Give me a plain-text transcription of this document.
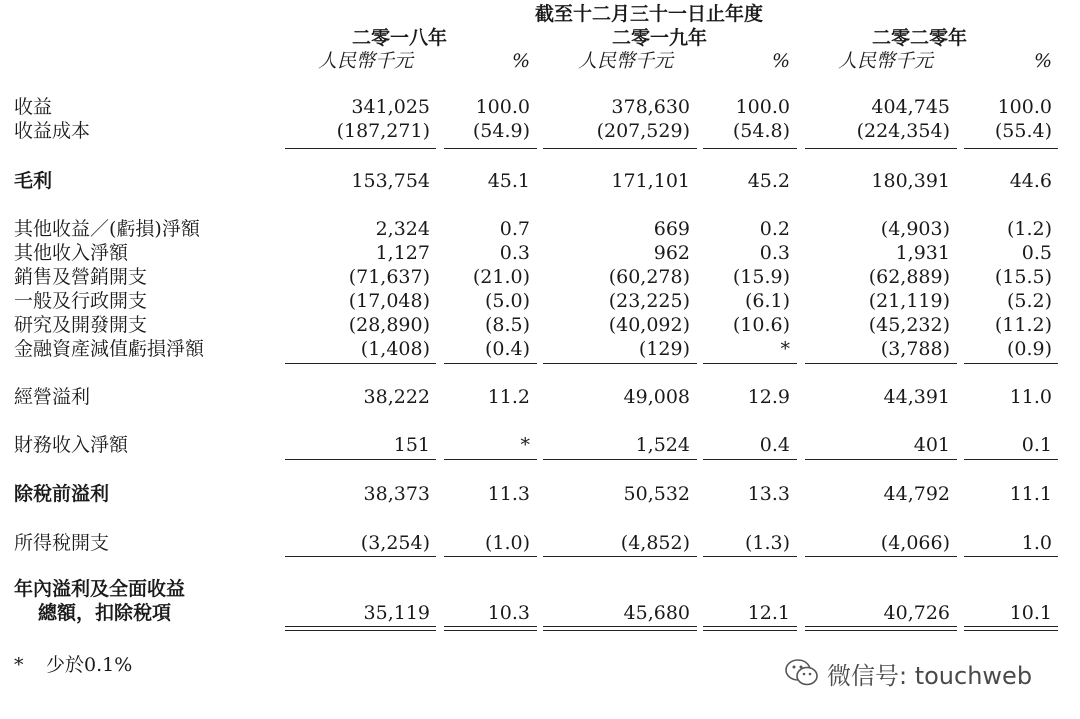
截至十二月三十一日止年度
二零一八年	二零一九年	二零二零年
人民幣千元	%	人民幣千元	%	人民幣千元	%
收益	341,025 100.0	378,630 100.0	404,745	100.0
收益成本	(187,271) (54.9)	(207,529) (54.8)	(224,354) (55.4)
毛利	153,754	45.1	171,101	45.2	180,391	44.6
其他收益／(虧損)淨額	2,324	0.7	669	0.2	(4,903)	(1.2)
其他收入淨額	1,127	0.3	962	0.3	1,931	0.5
銷售及營銷開支	(71,637) (21.0)	(60,278) (15.9)	(62,889) (15.5)
一般及行政開支	(17,048)	(5.0)	(23,225)	(6.1)	(21,119)	(5.2)
研究及開發開支	(28,890)	(8.5)	(40,092) (10.6)	(45,232) (11.2)
金融資產減值虧損淨額	(1,408)	(0.4)	(129)	*	(3,788)	(0.9)
經營溢利	38,222	11.2	49,008	12.9	44,391	11.0
財務收入淨額	151	*	1,524	0.4	401	0.1
除稅前溢利	38,373	11.3	50,532	13.3	44,792	11.1
所得稅開支	(3,254)	(1.0)	(4,852)	(1.3)	(4,066)	1.0
年內溢利及全面收益
總額，扣除稅項	35,119	10.3	45,680	12.1	40,726	10.1
* 少於0.1%	微信号: touchweb
